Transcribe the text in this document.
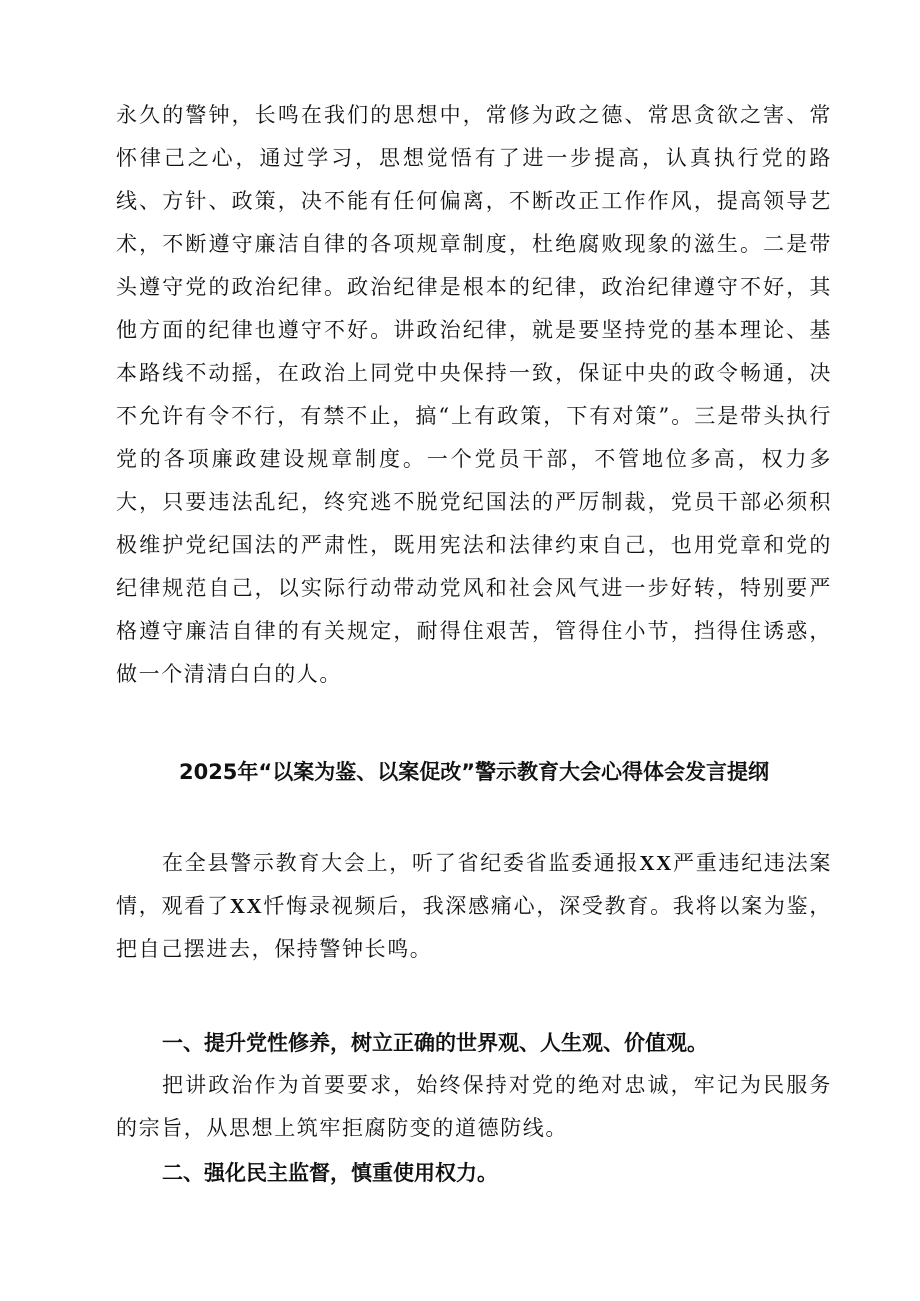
永久的警钟，长鸣在我们的思想中，常修为政之德、常思贪欲之害、常怀律己之心，通过学习，思想觉悟有了进一步提高，认真执行党的路线、方针、政策，决不能有任何偏离，不断改正工作作风，提高领导艺术，不断遵守廉洁自律的各项规章制度，杜绝腐败现象的滋生。二是带头遵守党的政治纪律。政治纪律是根本的纪律，政治纪律遵守不好，其他方面的纪律也遵守不好。讲政治纪律，就是要坚持党的基本理论、基本路线不动摇，在政治上同党中央保持一致，保证中央的政令畅通，决不允许有令不行，有禁不止，搞“上有政策，下有对策”。三是带头执行党的各项廉政建设规章制度。一个党员干部，不管地位多高，权力多大，只要违法乱纪，终究逃不脱党纪国法的严厉制裁，党员干部必须积极维护党纪国法的严肃性，既用宪法和法律约束自己，也用党章和党的纪律规范自己，以实际行动带动党风和社会风气进一步好转，特别要严格遵守廉洁自律的有关规定，耐得住艰苦，管得住小节，挡得住诱惑，做一个清清白白的人。

2025年“以案为鉴、以案促改”警示教育大会心得体会发言提纲

在全县警示教育大会上，听了省纪委省监委通报XX严重违纪违法案情，观看了XX忏悔录视频后，我深感痛心，深受教育。我将以案为鉴，把自己摆进去，保持警钟长鸣。

一、提升党性修养，树立正确的世界观、人生观、价值观。

把讲政治作为首要要求，始终保持对党的绝对忠诚，牢记为民服务的宗旨，从思想上筑牢拒腐防变的道德防线。

二、强化民主监督，慎重使用权力。
